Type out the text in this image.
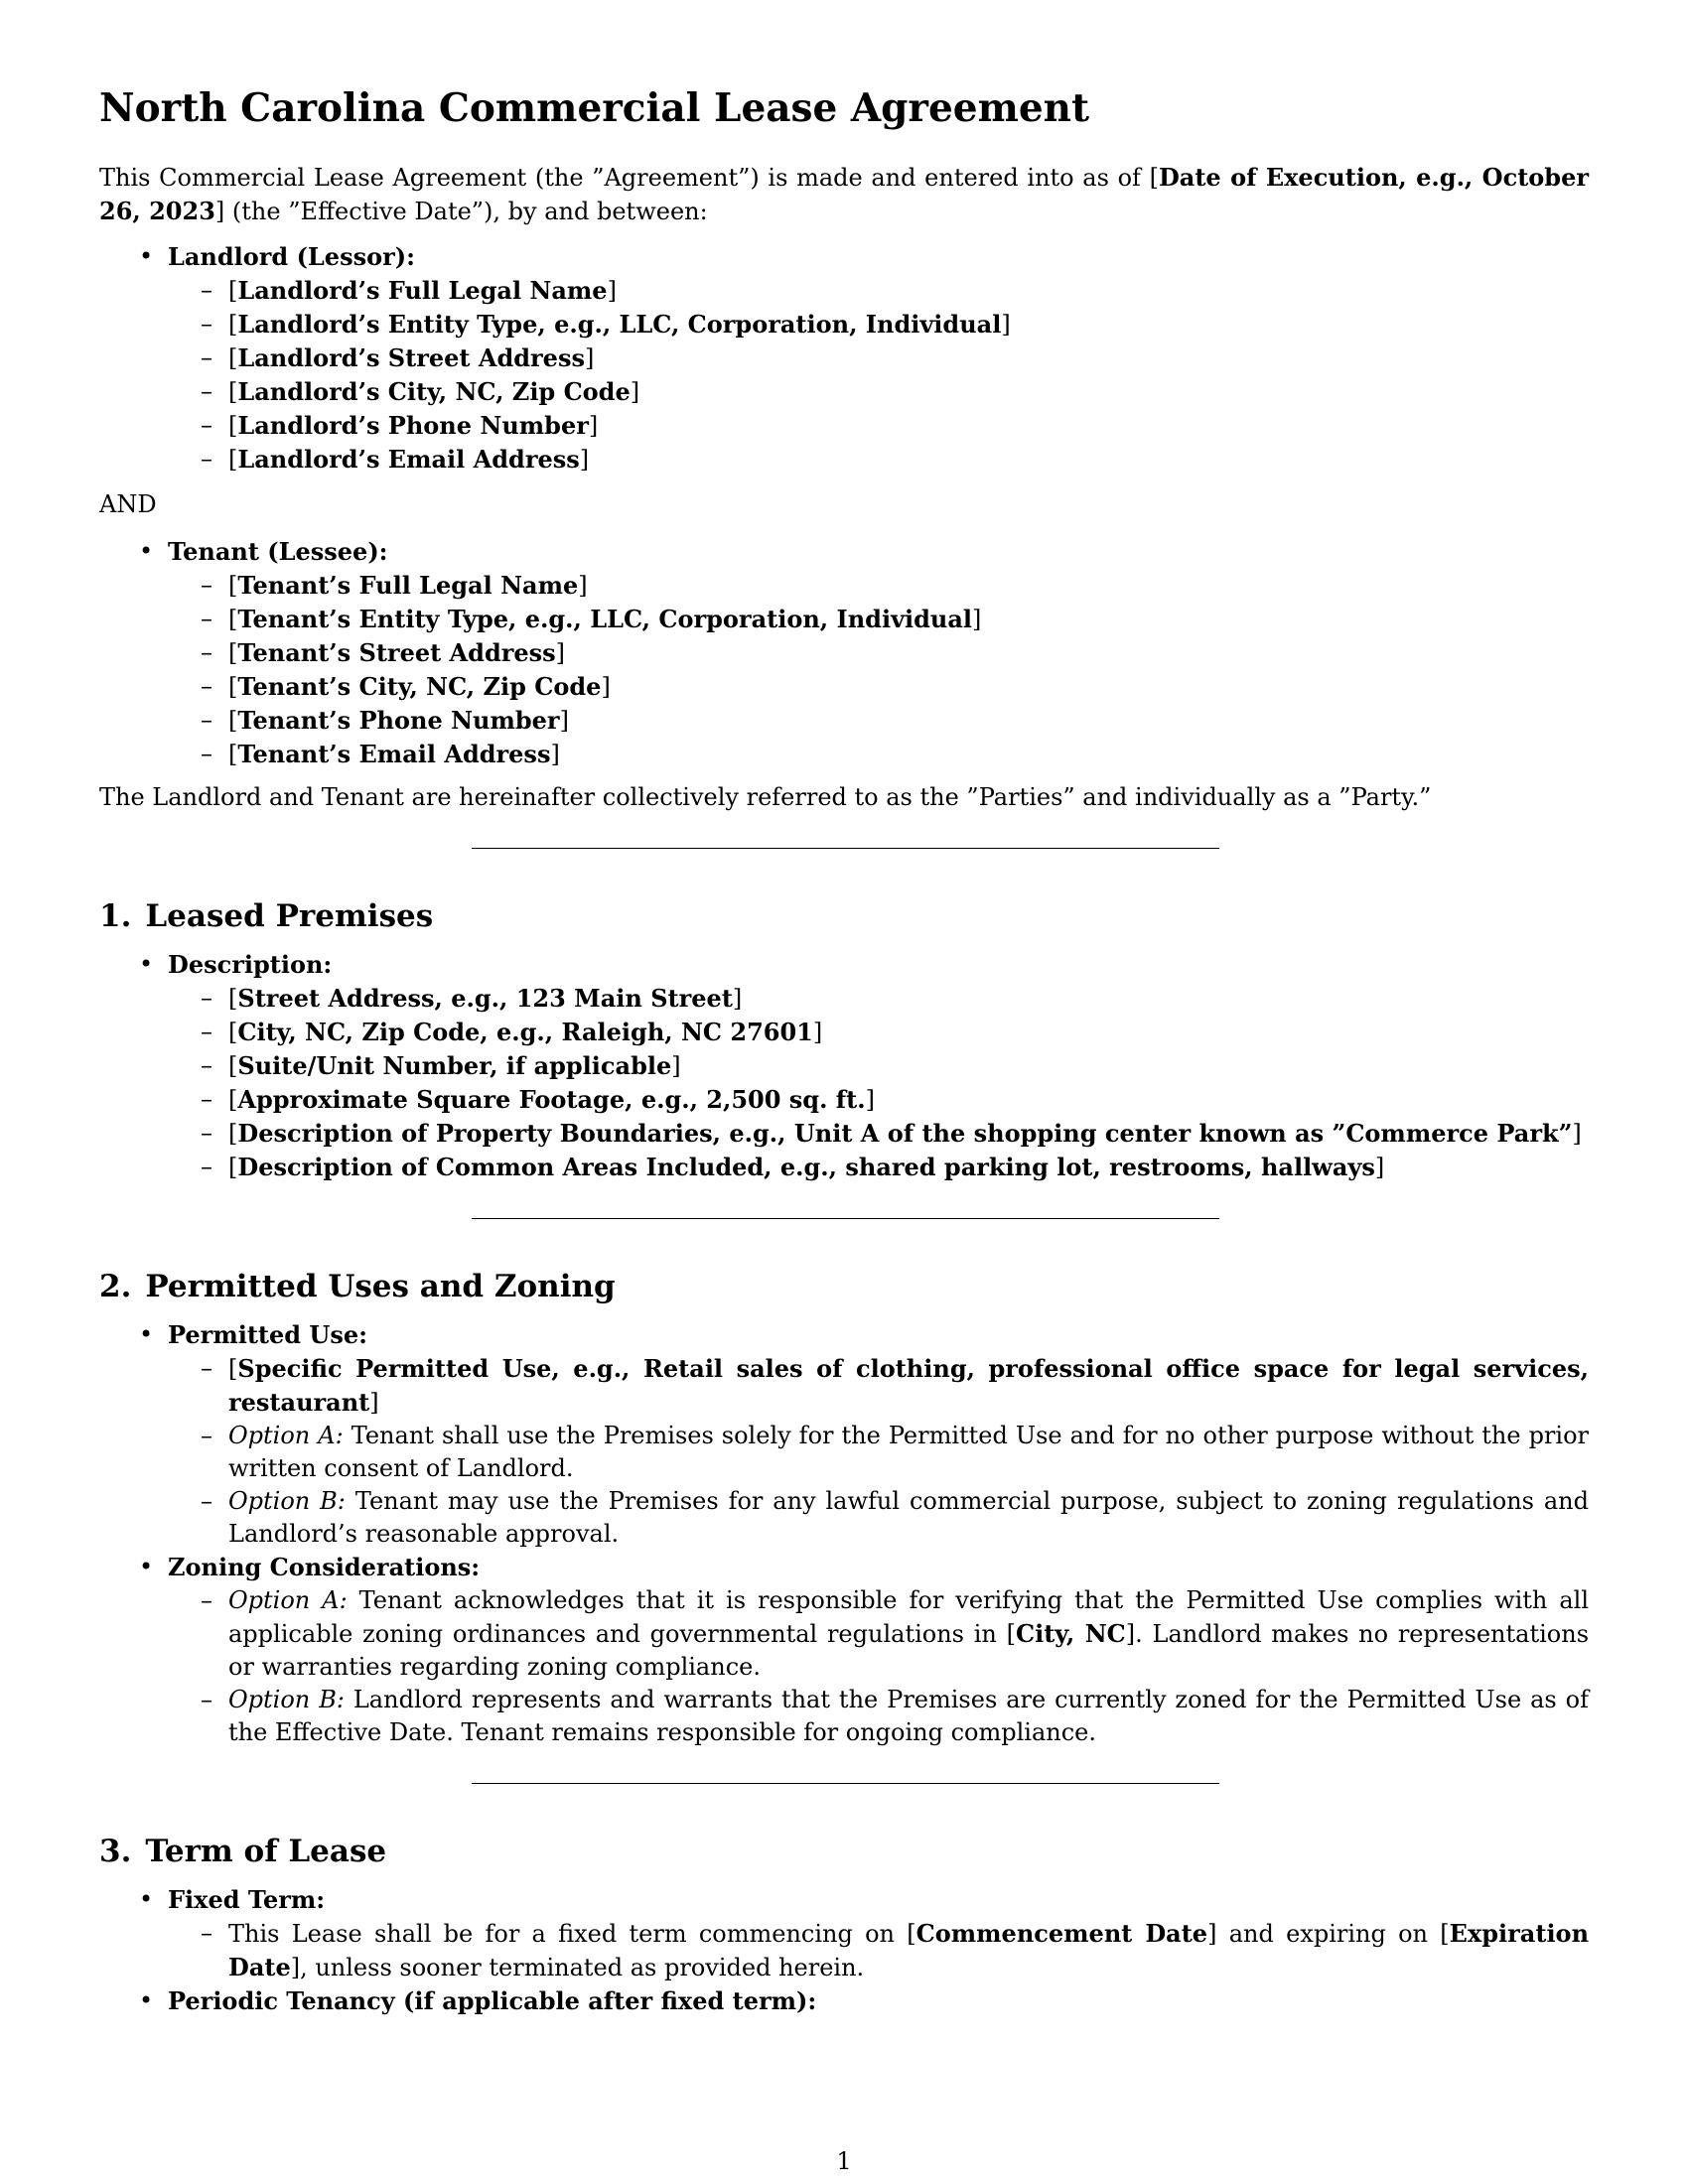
North Carolina Commercial Lease Agreement

This Commercial Lease Agreement (the ”Agreement”) is made and entered into as of [Date of Execution, e.g., October 26, 2023] (the ”Effective Date”), by and between:

• Landlord (Lessor):
– [Landlord’s Full Legal Name]
– [Landlord’s Entity Type, e.g., LLC, Corporation, Individual]
– [Landlord’s Street Address]
– [Landlord’s City, NC, Zip Code]
– [Landlord’s Phone Number]
– [Landlord’s Email Address]

AND

• Tenant (Lessee):
– [Tenant’s Full Legal Name]
– [Tenant’s Entity Type, e.g., LLC, Corporation, Individual]
– [Tenant’s Street Address]
– [Tenant’s City, NC, Zip Code]
– [Tenant’s Phone Number]
– [Tenant’s Email Address]

The Landlord and Tenant are hereinafter collectively referred to as the ”Parties” and individually as a ”Party.”

1. Leased Premises
• Description:
– [Street Address, e.g., 123 Main Street]
– [City, NC, Zip Code, e.g., Raleigh, NC 27601]
– [Suite/Unit Number, if applicable]
– [Approximate Square Footage, e.g., 2,500 sq. ft.]
– [Description of Property Boundaries, e.g., Unit A of the shopping center known as ”Commerce Park”]
– [Description of Common Areas Included, e.g., shared parking lot, restrooms, hallways]
2. Permitted Uses and Zoning
• Permitted Use:
– [Specific Permitted Use, e.g., Retail sales of clothing, professional office space for legal services, restaurant]
– Option A: Tenant shall use the Premises solely for the Permitted Use and for no other purpose without the prior written consent of Landlord.
– Option B: Tenant may use the Premises for any lawful commercial purpose, subject to zoning regulations and Landlord’s reasonable approval.
• Zoning Considerations:
– Option A: Tenant acknowledges that it is responsible for verifying that the Permitted Use complies with all applicable zoning ordinances and governmental regulations in [City, NC]. Landlord makes no representations or warranties regarding zoning compliance.
– Option B: Landlord represents and warrants that the Premises are currently zoned for the Permitted Use as of the Effective Date. Tenant remains responsible for ongoing compliance.
3. Term of Lease
• Fixed Term:
– This Lease shall be for a fixed term commencing on [Commencement Date] and expiring on [Expiration Date], unless sooner terminated as provided herein.
• Periodic Tenancy (if applicable after fixed term):
1
